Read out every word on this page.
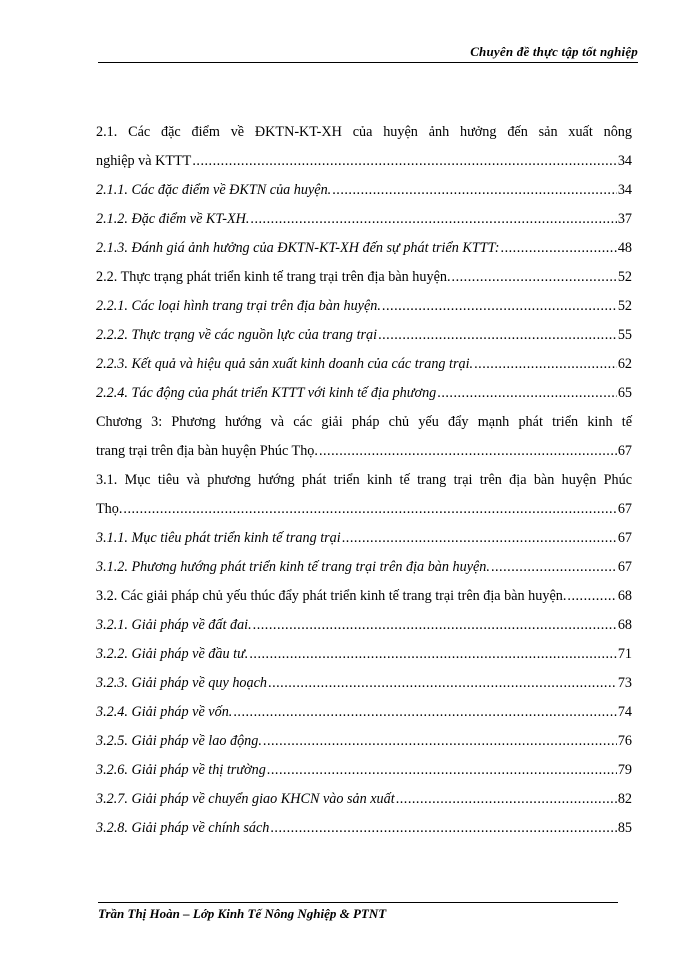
Chuyên đề thực tập tốt nghiệp
2.1. Các đặc điểm về ĐKTN-KT-XH của huyện ảnh hưởng đến sản xuất nông
nghiệp và KTTT .....	34
2.1.1. Các đặc điểm về ĐKTN của huyện. .....	34
2.1.2. Đặc điểm về KT-XH. .....	37
2.1.3. Đánh giá ảnh hưởng của ĐKTN-KT-XH đến sự phát triển KTTT: .....	48
2.2. Thực trạng phát triển kinh tế trang trại trên địa bàn huyện. .....	52
2.2.1. Các loại hình trang trại trên địa bàn huyện. .....	52
2.2.2. Thực trạng về các nguồn lực của trang trại .....	55
2.2.3. Kết quả và hiệu quả sản xuất kinh doanh của các trang trại. .....	62
2.2.4. Tác động của phát triển KTTT với kinh tế địa phương .....	65
Chương 3: Phương hướng và các giải pháp chủ yếu đẩy mạnh phát triển kinh tế
trang trại trên địa bàn huyện Phúc Thọ. .....	67
3.1. Mục tiêu và phương hướng phát triển kinh tế trang trại trên địa bàn huyện Phúc
Thọ. .....	67
3.1.1. Mục tiêu phát triển kinh tế trang trại .....	67
3.1.2. Phương hướng phát triển kinh tế trang trại trên địa bàn huyện. .....	67
3.2. Các giải pháp chủ yếu thúc đẩy phát triển kinh tế trang trại trên địa bàn huyện. .....	68
3.2.1. Giải pháp về đất đai. .....	68
3.2.2. Giải pháp về đầu tư. .....	71
3.2.3. Giải pháp về quy hoạch .....	73
3.2.4. Giải pháp về vốn. .....	74
3.2.5. Giải pháp về lao động. .....	76
3.2.6. Giải pháp về thị trường .....	79
3.2.7. Giải pháp về chuyển giao KHCN vào sản xuất .....	82
3.2.8. Giải pháp về chính sách .....	85
Trần Thị Hoàn – Lớp Kinh Tế Nông Nghiệp & PTNT
